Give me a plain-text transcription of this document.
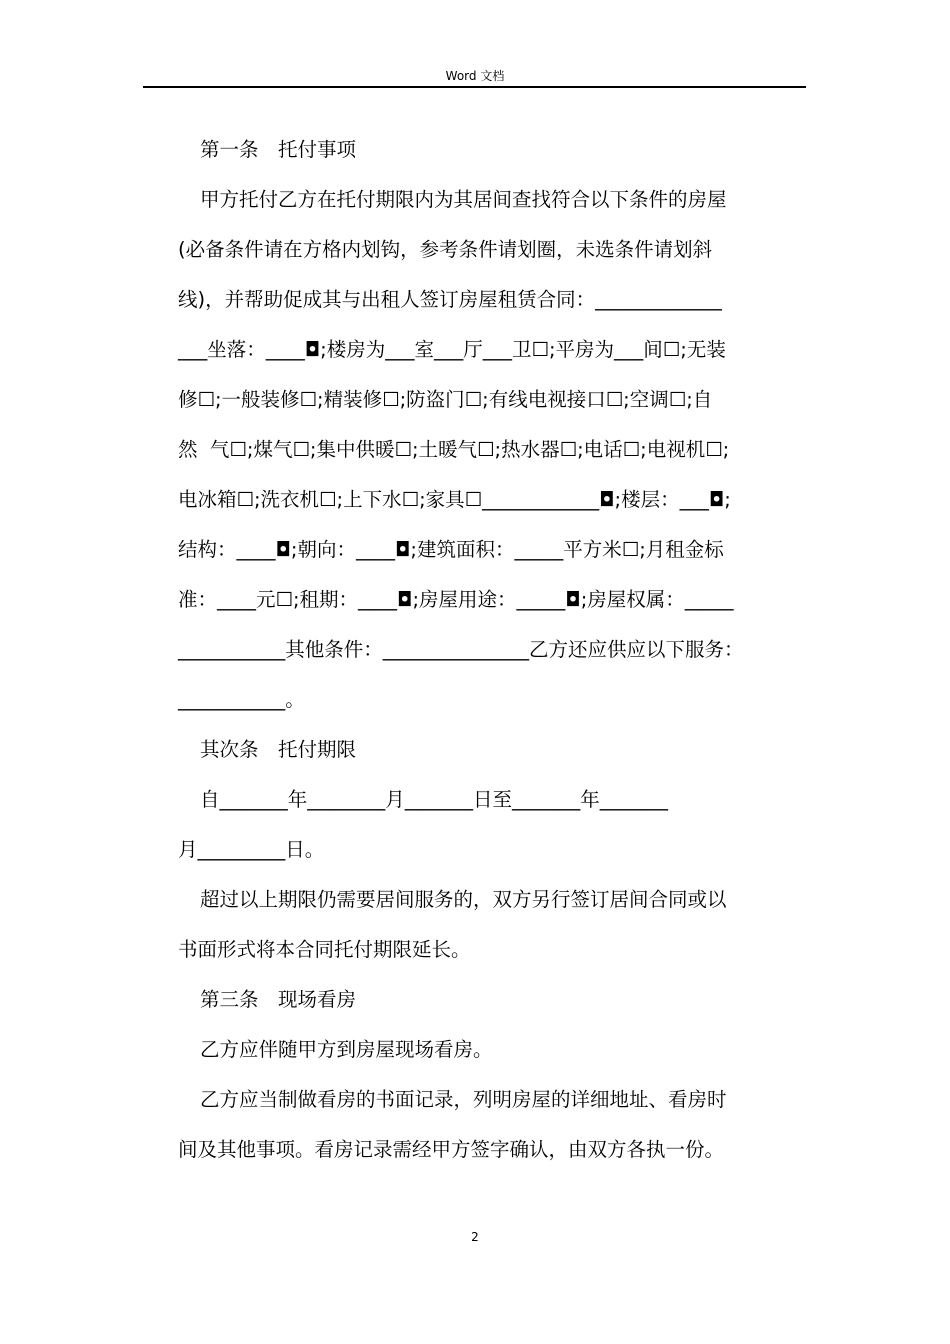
Word 文档
第一条　托付事项
甲方托付乙方在托付期限内为其居间查找符合以下条件的房屋
(必备条件请在方格内划钩，参考条件请划圈，未选条件请划斜
线)，并帮助促成其与出租人签订房屋租赁合同：_____________
___坐落：____◘;楼房为___室___厅___卫☐;平房为___间☐;无装
修☐;一般装修☐;精装修☐;防盗门☐;有线电视接口☐;空调☐;自
然  气☐;煤气☐;集中供暖☐;土暖气☐;热水器☐;电话☐;电视机☐;
电冰箱☐;洗衣机☐;上下水☐;家具☐____________◘;楼层：___◘;
结构：____◘;朝向：____◘;建筑面积：_____平方米☐;月租金标
准：____元☐;租期：____◘;房屋用途：_____◘;房屋权属：_____
___________其他条件：_______________乙方还应供应以下服务：
___________。
其次条　托付期限
自_______年________月_______日至_______年_______
月_________日。
超过以上期限仍需要居间服务的，双方另行签订居间合同或以
书面形式将本合同托付期限延长。
第三条　现场看房
乙方应伴随甲方到房屋现场看房。
乙方应当制做看房的书面记录，列明房屋的详细地址、看房时
间及其他事项。看房记录需经甲方签字确认，由双方各执一份。
2
